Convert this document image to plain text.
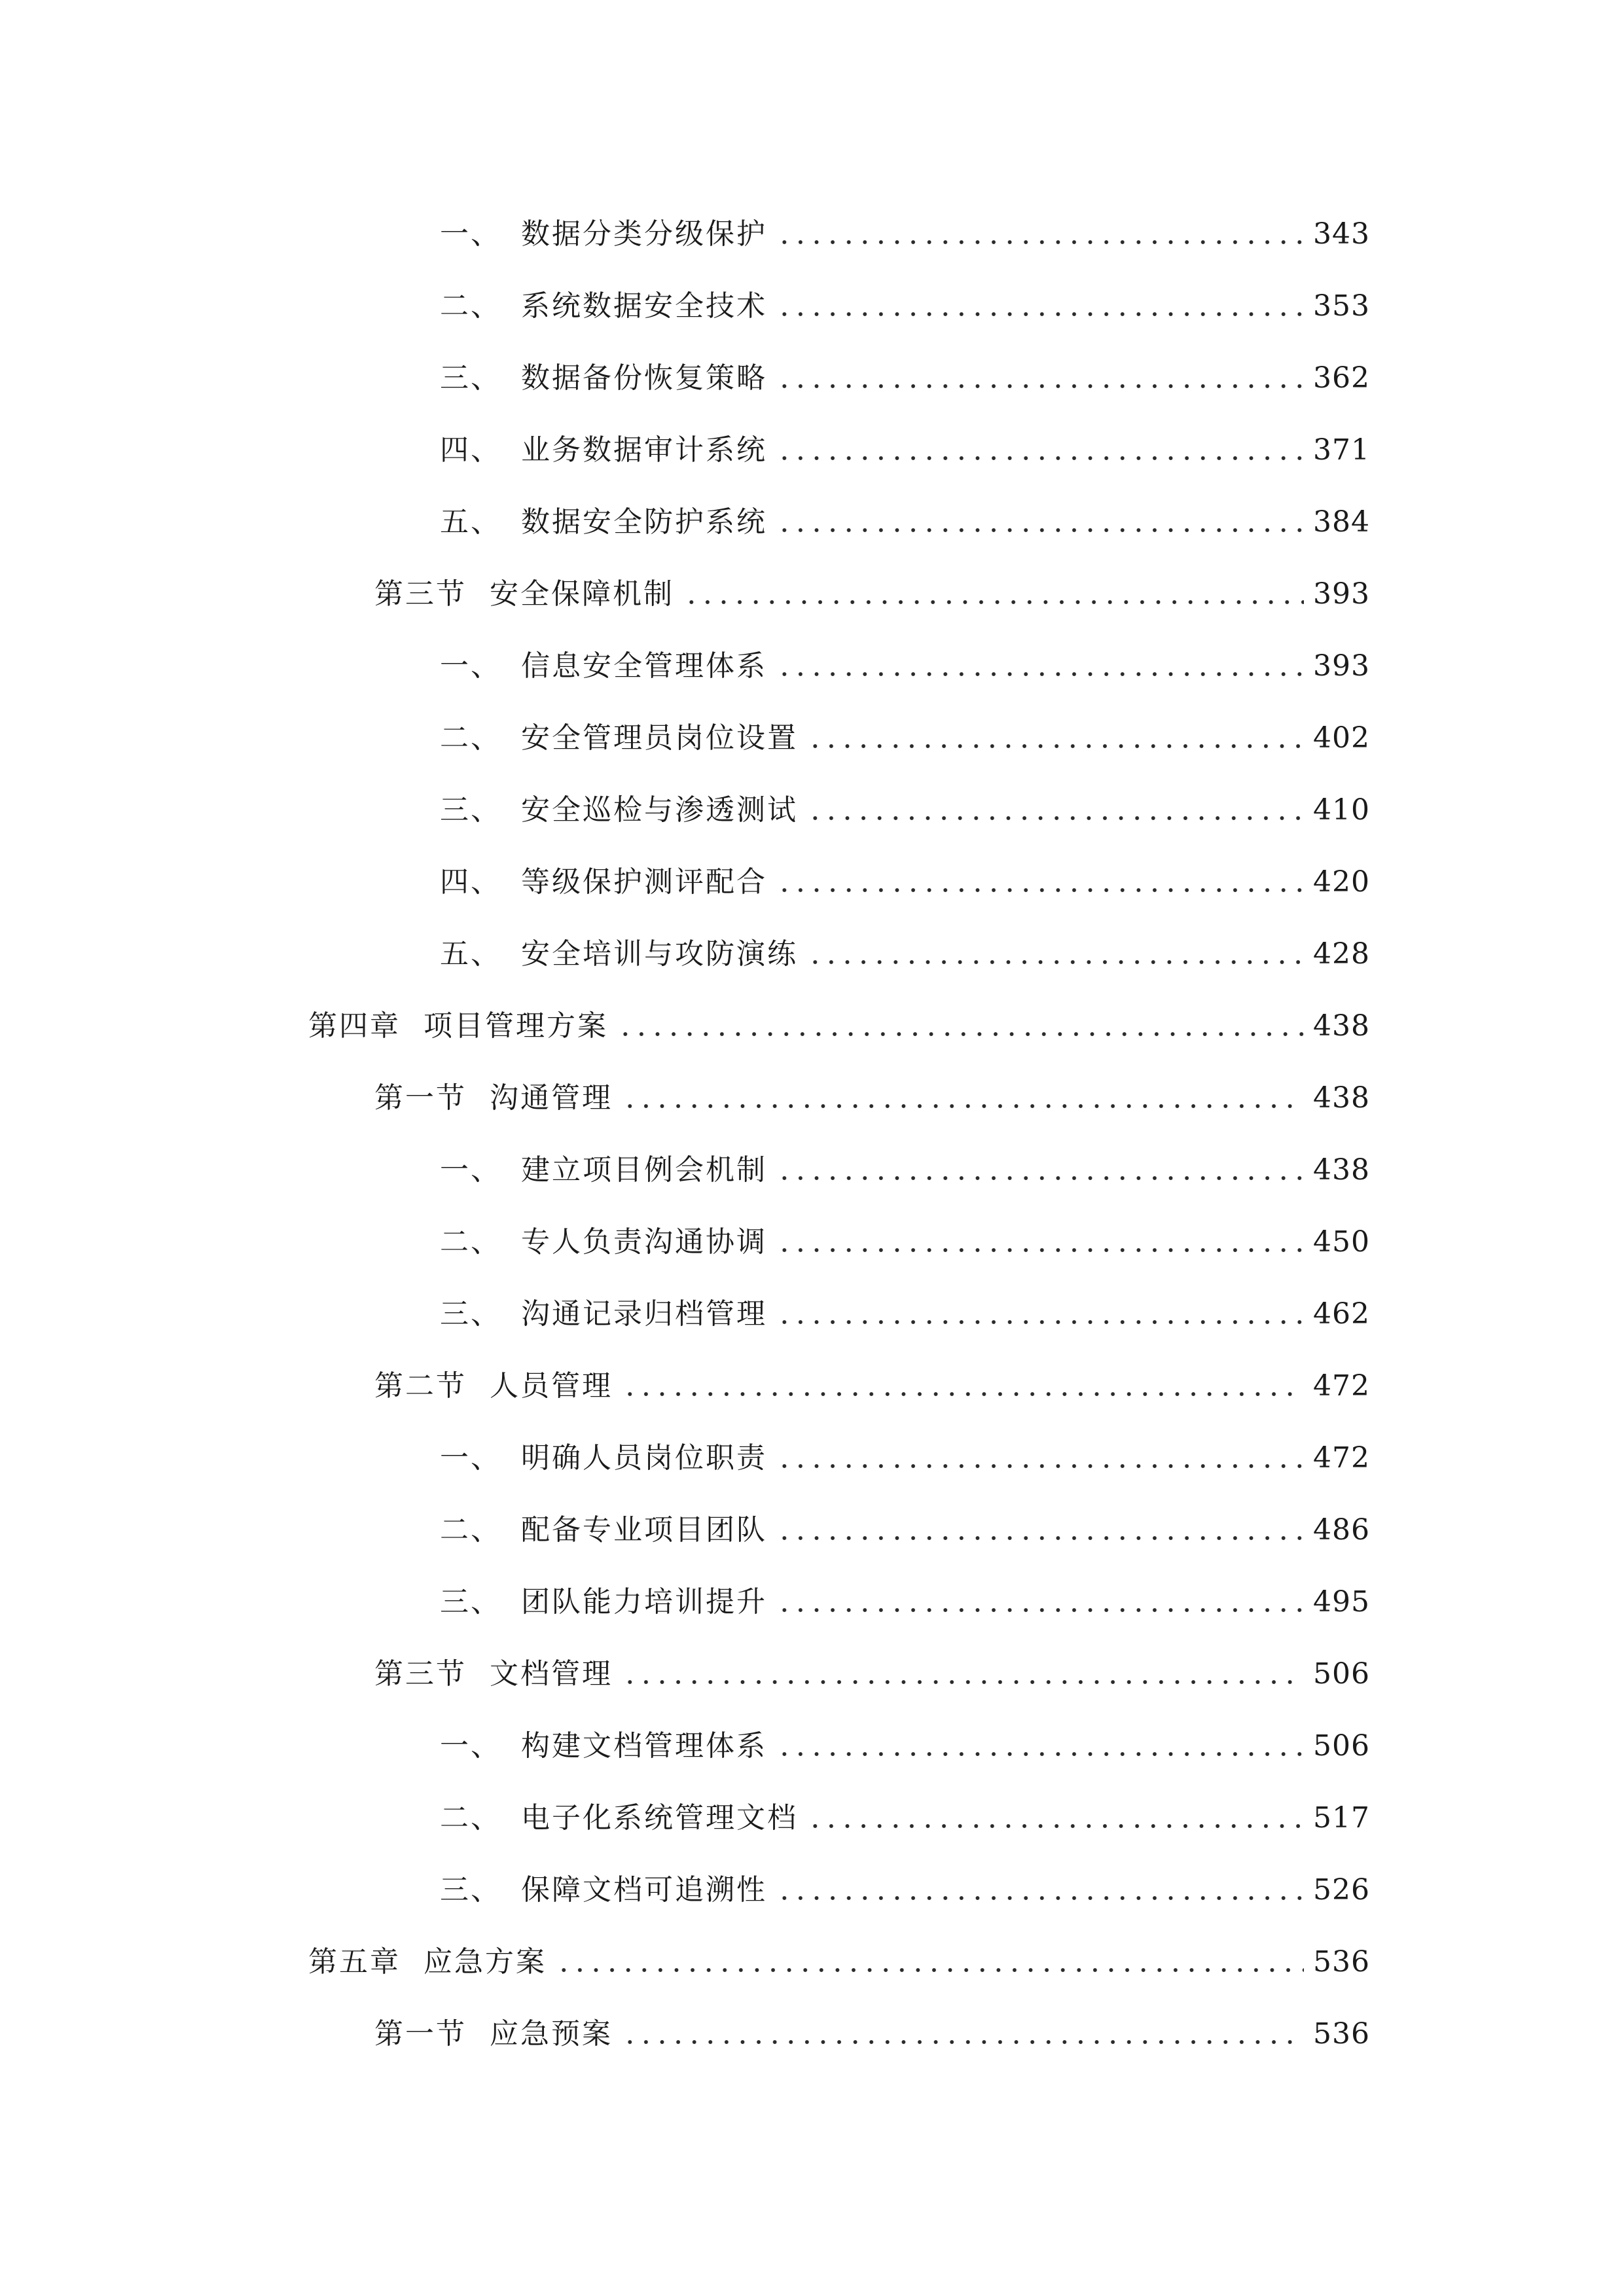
一、 数据分类分级保护	343
二、 系统数据安全技术	353
三、 数据备份恢复策略	362
四、 业务数据审计系统	371
五、 数据安全防护系统	384
第三节 安全保障机制	393
一、 信息安全管理体系	393
二、 安全管理员岗位设置	402
三、 安全巡检与渗透测试	410
四、 等级保护测评配合	420
五、 安全培训与攻防演练	428
第四章 项目管理方案	438
第一节 沟通管理	438
一、 建立项目例会机制	438
二、 专人负责沟通协调	450
三、 沟通记录归档管理	462
第二节 人员管理	472
一、 明确人员岗位职责	472
二、 配备专业项目团队	486
三、 团队能力培训提升	495
第三节 文档管理	506
一、 构建文档管理体系	506
二、 电子化系统管理文档	517
三、 保障文档可追溯性	526
第五章 应急方案	536
第一节 应急预案	536
